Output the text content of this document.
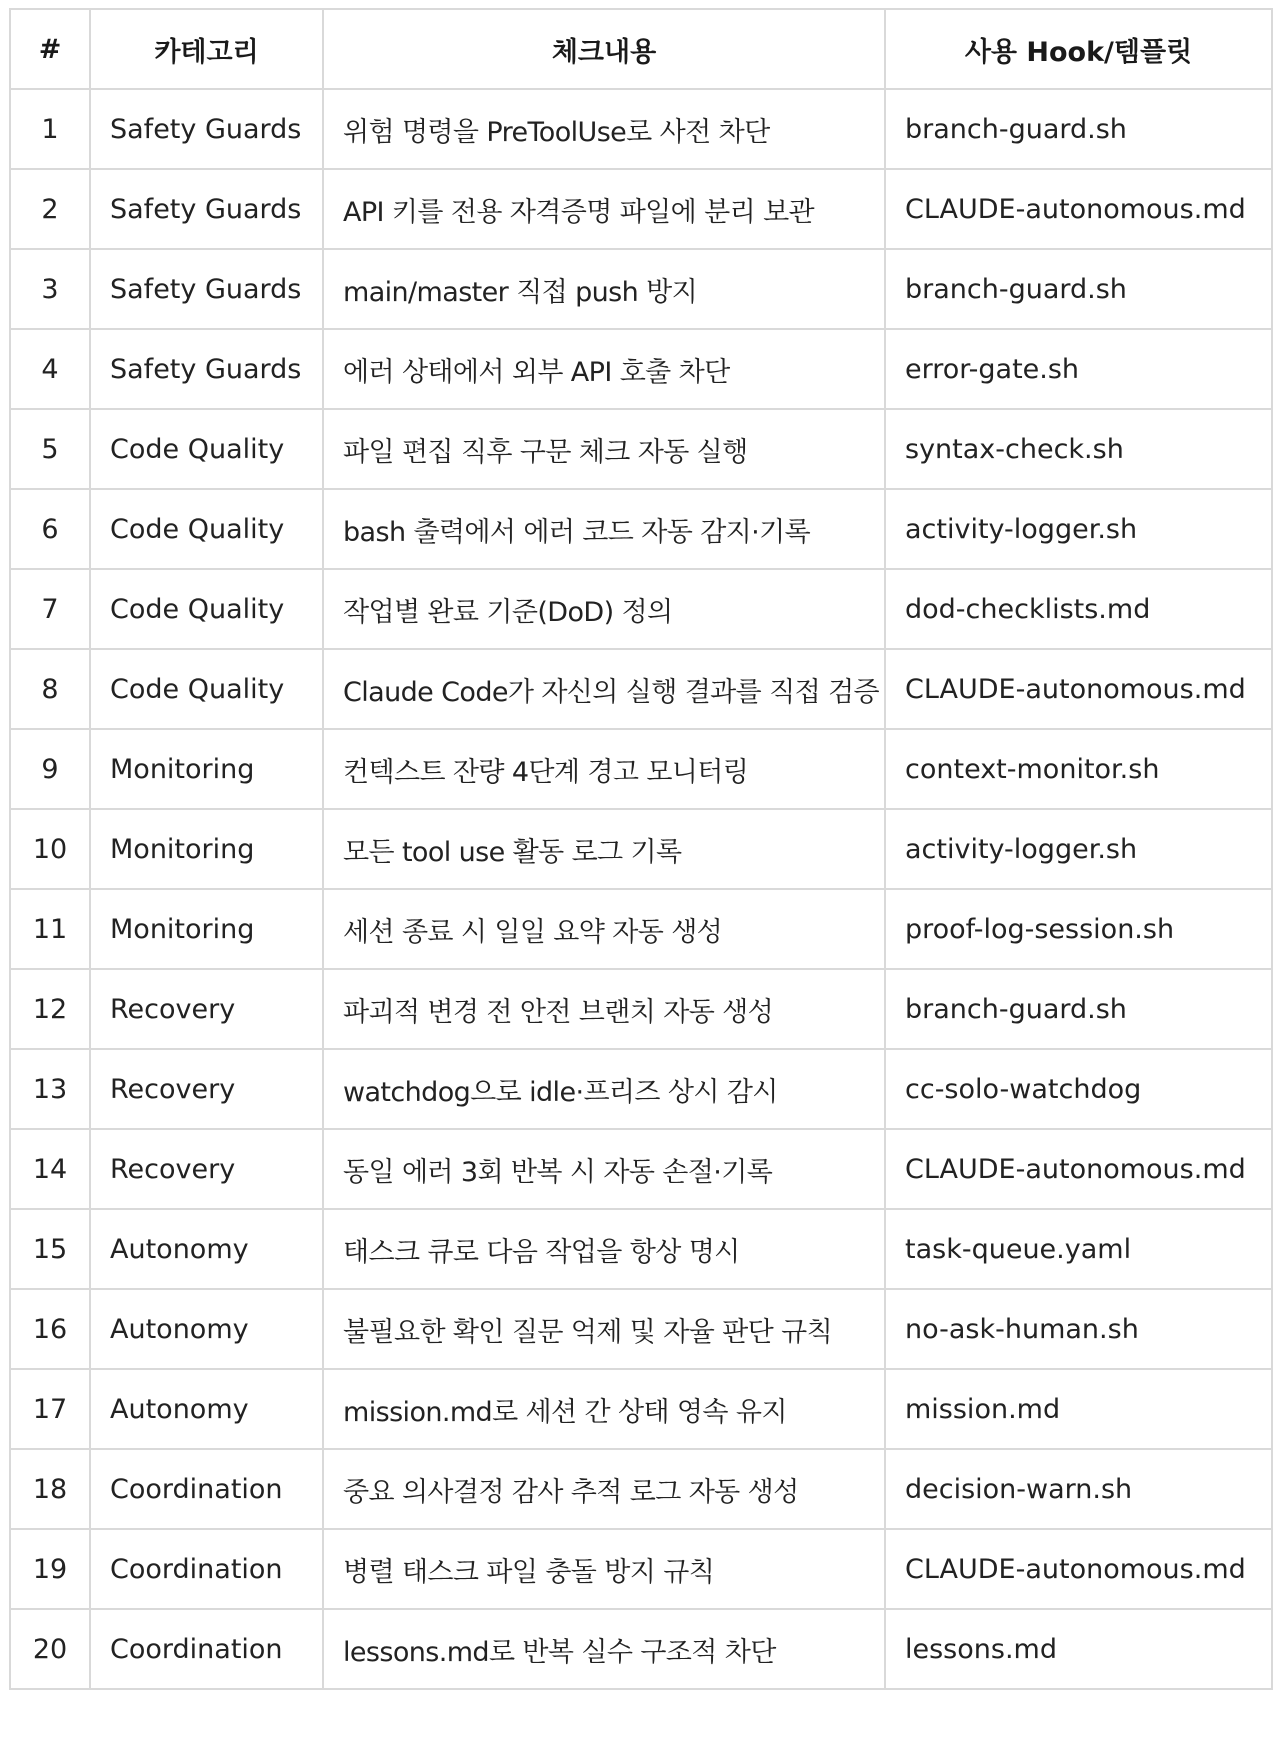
#	카테고리	체크내용	사용 Hook/템플릿
1	Safety Guards	위험 명령을 PreToolUse로 사전 차단	branch-guard.sh
2	Safety Guards	API 키를 전용 자격증명 파일에 분리 보관	CLAUDE-autonomous.md
3	Safety Guards	main/master 직접 push 방지	branch-guard.sh
4	Safety Guards	에러 상태에서 외부 API 호출 차단	error-gate.sh
5	Code Quality	파일 편집 직후 구문 체크 자동 실행	syntax-check.sh
6	Code Quality	bash 출력에서 에러 코드 자동 감지·기록	activity-logger.sh
7	Code Quality	작업별 완료 기준(DoD) 정의	dod-checklists.md
8	Code Quality	Claude Code가 자신의 실행 결과를 직접 검증	CLAUDE-autonomous.md
9	Monitoring	컨텍스트 잔량 4단계 경고 모니터링	context-monitor.sh
10	Monitoring	모든 tool use 활동 로그 기록	activity-logger.sh
11	Monitoring	세션 종료 시 일일 요약 자동 생성	proof-log-session.sh
12	Recovery	파괴적 변경 전 안전 브랜치 자동 생성	branch-guard.sh
13	Recovery	watchdog으로 idle·프리즈 상시 감시	cc-solo-watchdog
14	Recovery	동일 에러 3회 반복 시 자동 손절·기록	CLAUDE-autonomous.md
15	Autonomy	태스크 큐로 다음 작업을 항상 명시	task-queue.yaml
16	Autonomy	불필요한 확인 질문 억제 및 자율 판단 규칙	no-ask-human.sh
17	Autonomy	mission.md로 세션 간 상태 영속 유지	mission.md
18	Coordination	중요 의사결정 감사 추적 로그 자동 생성	decision-warn.sh
19	Coordination	병렬 태스크 파일 충돌 방지 규칙	CLAUDE-autonomous.md
20	Coordination	lessons.md로 반복 실수 구조적 차단	lessons.md
